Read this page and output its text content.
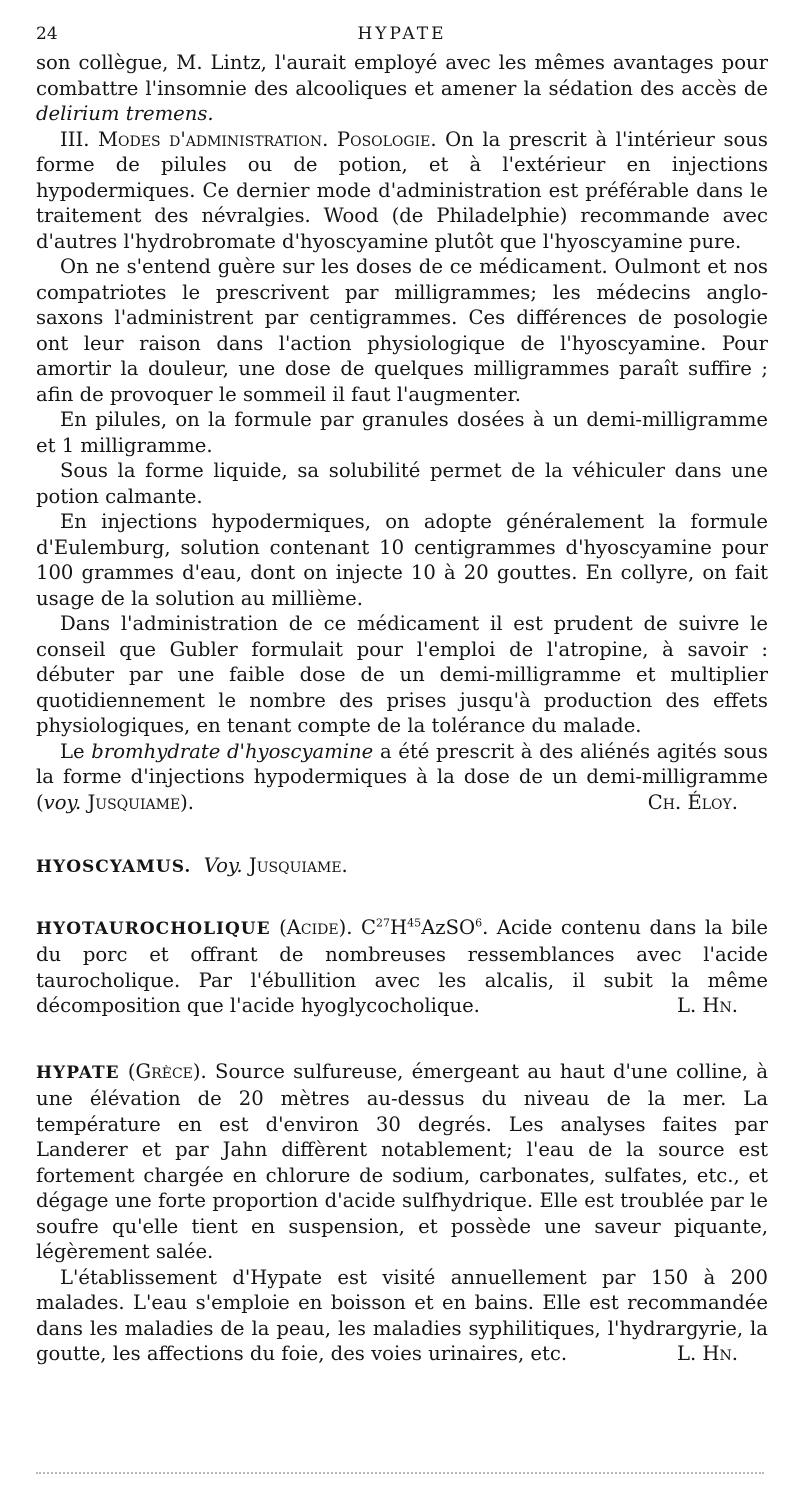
24	HYPATE

son collègue, M. Lintz, l'aurait employé avec les mêmes avantages pour combattre l'insomnie des alcooliques et amener la sédation des accès de delirium tremens.

III. Modes d'administration. Posologie. On la prescrit à l'intérieur sous forme de pilules ou de potion, et à l'extérieur en injections hypodermiques. Ce dernier mode d'administration est préférable dans le traitement des névralgies. Wood (de Philadelphie) recommande avec d'autres l'hydrobromate d'hyoscyamine plutôt que l'hyoscyamine pure.

On ne s'entend guère sur les doses de ce médicament. Oulmont et nos compatriotes le prescrivent par milligrammes; les médecins anglo-saxons l'administrent par centigrammes. Ces différences de posologie ont leur raison dans l'action physiologique de l'hyoscyamine. Pour amortir la douleur, une dose de quelques milligrammes paraît suffire ; afin de provoquer le sommeil il faut l'augmenter.

En pilules, on la formule par granules dosées à un demi-milligramme et 1 milligramme.

Sous la forme liquide, sa solubilité permet de la véhiculer dans une potion calmante.

En injections hypodermiques, on adopte généralement la formule d'Eulemburg, solution contenant 10 centigrammes d'hyoscyamine pour 100 grammes d'eau, dont on injecte 10 à 20 gouttes. En collyre, on fait usage de la solution au millième.

Dans l'administration de ce médicament il est prudent de suivre le conseil que Gubler formulait pour l'emploi de l'atropine, à savoir : débuter par une faible dose de un demi-milligramme et multiplier quotidiennement le nombre des prises jusqu'à production des effets physiologiques, en tenant compte de la tolérance du malade.

Le bromhydrate d'hyoscyamine a été prescrit à des aliénés agités sous la forme d'injections hypodermiques à la dose de un demi-milligramme (voy. Jusquiame).	Ch. Éloy.

HYOSCYAMUS. Voy. Jusquiame.

HYOTAUROCHOLIQUE (Acide). $C^{27}H^{45}AzSO^6$. Acide contenu dans la bile du porc et offrant de nombreuses ressemblances avec l'acide taurocholique. Par l'ébullition avec les alcalis, il subit la même décomposition que l'acide hyoglycocholique.	L. Hn.

HYPATE (Grèce). Source sulfureuse, émergeant au haut d'une colline, à une élévation de 20 mètres au-dessus du niveau de la mer. La température en est d'environ 30 degrés. Les analyses faites par Landerer et par Jahn diffèrent notablement; l'eau de la source est fortement chargée en chlorure de sodium, carbonates, sulfates, etc., et dégage une forte proportion d'acide sulfhydrique. Elle est troublée par le soufre qu'elle tient en suspension, et possède une saveur piquante, légèrement salée.

L'établissement d'Hypate est visité annuellement par 150 à 200 malades. L'eau s'emploie en boisson et en bains. Elle est recommandée dans les maladies de la peau, les maladies syphilitiques, l'hydrargyrie, la goutte, les affections du foie, des voies urinaires, etc.	L. Hn.
